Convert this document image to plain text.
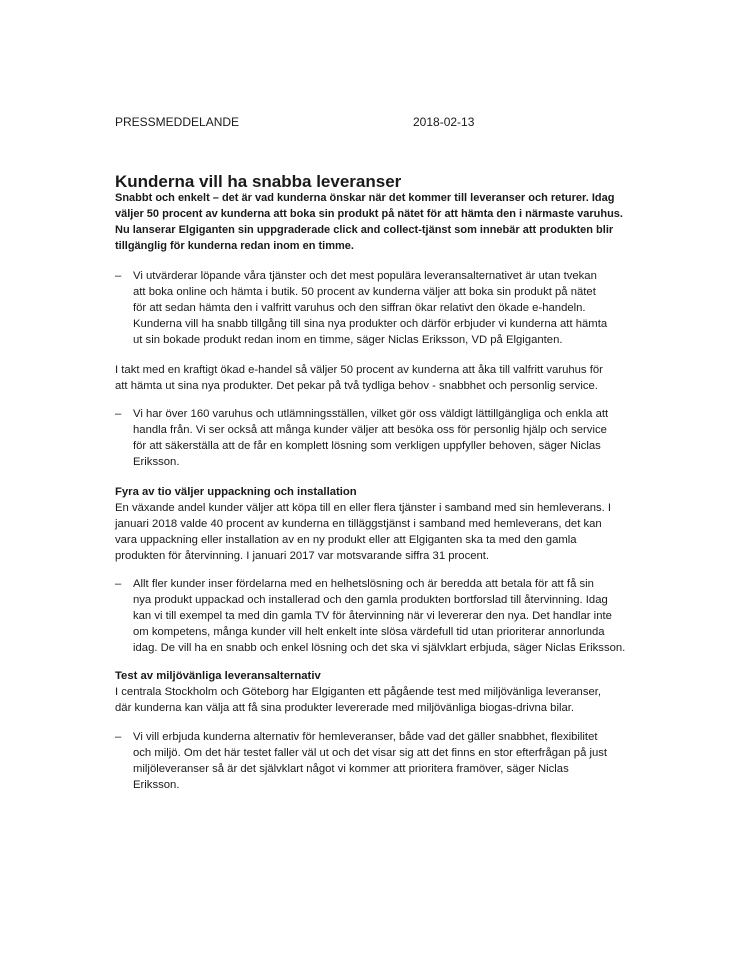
PRESSMEDDELANDE	2018-02-13
Kunderna vill ha snabba leveranser
Snabbt och enkelt – det är vad kunderna önskar när det kommer till leveranser och returer. Idag
väljer 50 procent av kunderna att boka sin produkt på nätet för att hämta den i närmaste varuhus.
Nu lanserar Elgiganten sin uppgraderade click and collect-tjänst som innebär att produkten blir
tillgänglig för kunderna redan inom en timme.
– Vi utvärderar löpande våra tjänster och det mest populära leveransalternativet är utan tvekan
att boka online och hämta i butik. 50 procent av kunderna väljer att boka sin produkt på nätet
för att sedan hämta den i valfritt varuhus och den siffran ökar relativt den ökade e-handeln.
Kunderna vill ha snabb tillgång till sina nya produkter och därför erbjuder vi kunderna att hämta
ut sin bokade produkt redan inom en timme, säger Niclas Eriksson, VD på Elgiganten.
I takt med en kraftigt ökad e-handel så väljer 50 procent av kunderna att åka till valfritt varuhus för
att hämta ut sina nya produkter. Det pekar på två tydliga behov - snabbhet och personlig service.
– Vi har över 160 varuhus och utlämningsställen, vilket gör oss väldigt lättillgängliga och enkla att
handla från. Vi ser också att många kunder väljer att besöka oss för personlig hjälp och service
för att säkerställa att de får en komplett lösning som verkligen uppfyller behoven, säger Niclas
Eriksson.
Fyra av tio väljer uppackning och installation
En växande andel kunder väljer att köpa till en eller flera tjänster i samband med sin hemleverans. I
januari 2018 valde 40 procent av kunderna en tilläggstjänst i samband med hemleverans, det kan
vara uppackning eller installation av en ny produkt eller att Elgiganten ska ta med den gamla
produkten för återvinning. I januari 2017 var motsvarande siffra 31 procent.
– Allt fler kunder inser fördelarna med en helhetslösning och är beredda att betala för att få sin
nya produkt uppackad och installerad och den gamla produkten bortforslad till återvinning. Idag
kan vi till exempel ta med din gamla TV för återvinning när vi levererar den nya. Det handlar inte
om kompetens, många kunder vill helt enkelt inte slösa värdefull tid utan prioriterar annorlunda
idag. De vill ha en snabb och enkel lösning och det ska vi självklart erbjuda, säger Niclas Eriksson.
Test av miljövänliga leveransalternativ
I centrala Stockholm och Göteborg har Elgiganten ett pågående test med miljövänliga leveranser,
där kunderna kan välja att få sina produkter levererade med miljövänliga biogas-drivna bilar.
– Vi vill erbjuda kunderna alternativ för hemleveranser, både vad det gäller snabbhet, flexibilitet
och miljö. Om det här testet faller väl ut och det visar sig att det finns en stor efterfrågan på just
miljöleveranser så är det självklart något vi kommer att prioritera framöver, säger Niclas
Eriksson.
